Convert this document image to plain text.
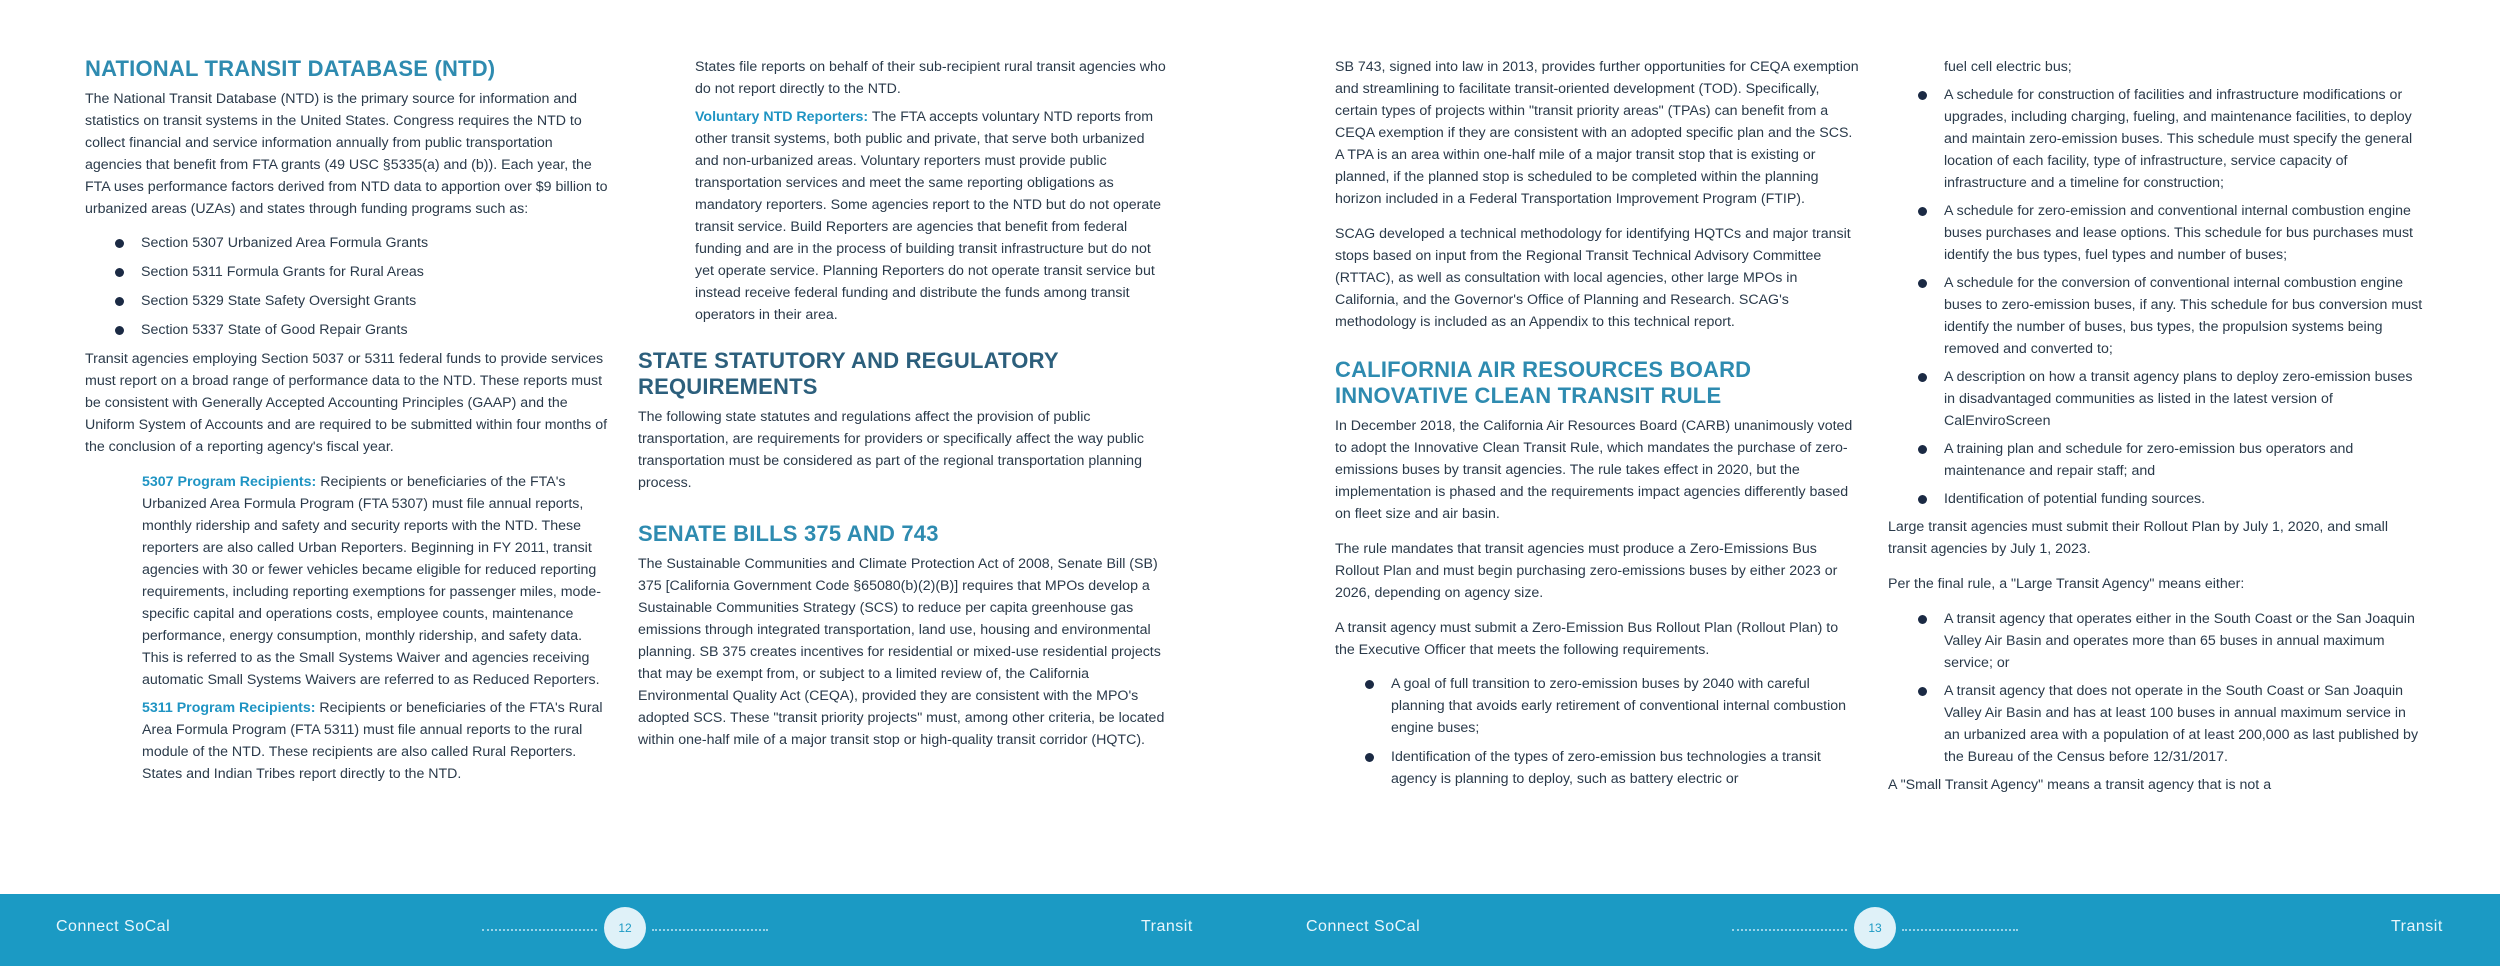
NATIONAL TRANSIT DATABASE (NTD)

The National Transit Database (NTD) is the primary source for information and statistics on transit systems in the United States. Congress requires the NTD to collect financial and service information annually from public transportation agencies that benefit from FTA grants (49 USC §5335(a) and (b)). Each year, the FTA uses performance factors derived from NTD data to apportion over $9 billion to urbanized areas (UZAs) and states through funding programs such as:

Section 5307 Urbanized Area Formula Grants
Section 5311 Formula Grants for Rural Areas
Section 5329 State Safety Oversight Grants
Section 5337 State of Good Repair Grants

Transit agencies employing Section 5037 or 5311 federal funds to provide services must report on a broad range of performance data to the NTD. These reports must be consistent with Generally Accepted Accounting Principles (GAAP) and the Uniform System of Accounts and are required to be submitted within four months of the conclusion of a reporting agency's fiscal year.

5307 Program Recipients: Recipients or beneficiaries of the FTA's Urbanized Area Formula Program (FTA 5307) must file annual reports, monthly ridership and safety and security reports with the NTD. These reporters are also called Urban Reporters. Beginning in FY 2011, transit agencies with 30 or fewer vehicles became eligible for reduced reporting requirements, including reporting exemptions for passenger miles, mode-specific capital and operations costs, employee counts, maintenance performance, energy consumption, monthly ridership, and safety data. This is referred to as the Small Systems Waiver and agencies receiving automatic Small Systems Waivers are referred to as Reduced Reporters.

5311 Program Recipients: Recipients or beneficiaries of the FTA's Rural Area Formula Program (FTA 5311) must file annual reports to the rural module of the NTD. These recipients are also called Rural Reporters. States and Indian Tribes report directly to the NTD.

States file reports on behalf of their sub-recipient rural transit agencies who do not report directly to the NTD.

Voluntary NTD Reporters: The FTA accepts voluntary NTD reports from other transit systems, both public and private, that serve both urbanized and non-urbanized areas. Voluntary reporters must provide public transportation services and meet the same reporting obligations as mandatory reporters. Some agencies report to the NTD but do not operate transit service. Build Reporters are agencies that benefit from federal funding and are in the process of building transit infrastructure but do not yet operate service. Planning Reporters do not operate transit service but instead receive federal funding and distribute the funds among transit operators in their area.

STATE STATUTORY AND REGULATORY REQUIREMENTS

The following state statutes and regulations affect the provision of public transportation, are requirements for providers or specifically affect the way public transportation must be considered as part of the regional transportation planning process.

SENATE BILLS 375 AND 743

The Sustainable Communities and Climate Protection Act of 2008, Senate Bill (SB) 375 [California Government Code §65080(b)(2)(B)] requires that MPOs develop a Sustainable Communities Strategy (SCS) to reduce per capita greenhouse gas emissions through integrated transportation, land use, housing and environmental planning. SB 375 creates incentives for residential or mixed-use residential projects that may be exempt from, or subject to a limited review of, the California Environmental Quality Act (CEQA), provided they are consistent with the MPO's adopted SCS. These "transit priority projects" must, among other criteria, be located within one-half mile of a major transit stop or high-quality transit corridor (HQTC).

SB 743, signed into law in 2013, provides further opportunities for CEQA exemption and streamlining to facilitate transit-oriented development (TOD). Specifically, certain types of projects within "transit priority areas" (TPAs) can benefit from a CEQA exemption if they are consistent with an adopted specific plan and the SCS. A TPA is an area within one-half mile of a major transit stop that is existing or planned, if the planned stop is scheduled to be completed within the planning horizon included in a Federal Transportation Improvement Program (FTIP).

SCAG developed a technical methodology for identifying HQTCs and major transit stops based on input from the Regional Transit Technical Advisory Committee (RTTAC), as well as consultation with local agencies, other large MPOs in California, and the Governor's Office of Planning and Research. SCAG's methodology is included as an Appendix to this technical report.

CALIFORNIA AIR RESOURCES BOARD INNOVATIVE CLEAN TRANSIT RULE

In December 2018, the California Air Resources Board (CARB) unanimously voted to adopt the Innovative Clean Transit Rule, which mandates the purchase of zero-emissions buses by transit agencies. The rule takes effect in 2020, but the implementation is phased and the requirements impact agencies differently based on fleet size and air basin.

The rule mandates that transit agencies must produce a Zero-Emissions Bus Rollout Plan and must begin purchasing zero-emissions buses by either 2023 or 2026, depending on agency size.

A transit agency must submit a Zero-Emission Bus Rollout Plan (Rollout Plan) to the Executive Officer that meets the following requirements.

A goal of full transition to zero-emission buses by 2040 with careful planning that avoids early retirement of conventional internal combustion engine buses;
Identification of the types of zero-emission bus technologies a transit agency is planning to deploy, such as battery electric or

fuel cell electric bus;

A schedule for construction of facilities and infrastructure modifications or upgrades, including charging, fueling, and maintenance facilities, to deploy and maintain zero-emission buses. This schedule must specify the general location of each facility, type of infrastructure, service capacity of infrastructure and a timeline for construction;
A schedule for zero-emission and conventional internal combustion engine buses purchases and lease options. This schedule for bus purchases must identify the bus types, fuel types and number of buses;
A schedule for the conversion of conventional internal combustion engine buses to zero-emission buses, if any. This schedule for bus conversion must identify the number of buses, bus types, the propulsion systems being removed and converted to;
A description on how a transit agency plans to deploy zero-emission buses in disadvantaged communities as listed in the latest version of CalEnviroScreen
A training plan and schedule for zero-emission bus operators and maintenance and repair staff; and
Identification of potential funding sources.

Large transit agencies must submit their Rollout Plan by July 1, 2020, and small transit agencies by July 1, 2023.

Per the final rule, a "Large Transit Agency" means either:

A transit agency that operates either in the South Coast or the San Joaquin Valley Air Basin and operates more than 65 buses in annual maximum service; or
A transit agency that does not operate in the South Coast or San Joaquin Valley Air Basin and has at least 100 buses in annual maximum service in an urbanized area with a population of at least 200,000 as last published by the Bureau of the Census before 12/31/2017.

A "Small Transit Agency" means a transit agency that is not a

Connect SoCal	12	Transit	Connect SoCal	13	Transit
